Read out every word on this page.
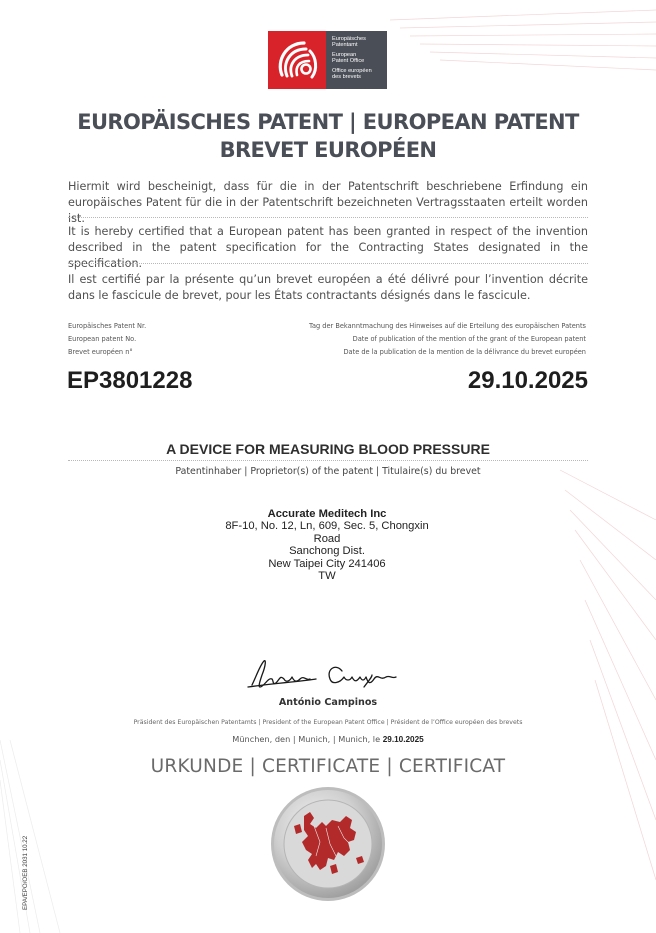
Europäisches
Patentamt
European
Patent Office
Office européen
des brevets
EUROPÄISCHES PATENT | EUROPEAN PATENT
BREVET EUROPÉEN
Hiermit wird bescheinigt, dass für die in der Patentschrift beschriebene Erfindung ein europäisches Patent für die in der Patentschrift bezeichneten Vertragsstaaten erteilt worden ist.
It is hereby certified that a European patent has been granted in respect of the invention described in the patent specification for the Contracting States designated in the specification.
Il est certifié par la présente qu’un brevet européen a été délivré pour l’invention décrite dans le fascicule de brevet, pour les États contractants désignés dans le fascicule.
Europäisches Patent Nr.
European patent No.
Brevet européen n°
Tag der Bekanntmachung des Hinweises auf die Erteilung des europäischen Patents
Date of publication of the mention of the grant of the European patent
Date de la publication de la mention de la délivrance du brevet européen
EP3801228	29.10.2025
A DEVICE FOR MEASURING BLOOD PRESSURE
Patentinhaber | Proprietor(s) of the patent | Titulaire(s) du brevet
Accurate Meditech Inc
8F-10, No. 12, Ln, 609, Sec. 5, Chongxin
Road
Sanchong Dist.
New Taipei City 241406
TW
António Campinos
Präsident des Europäischen Patentamts | President of the European Patent Office | Président de l’Office européen des brevets
München, den | Munich, | Munich, le 29.10.2025
URKUNDE | CERTIFICATE | CERTIFICAT
EPA/EPO/OEB 2031 10.22
